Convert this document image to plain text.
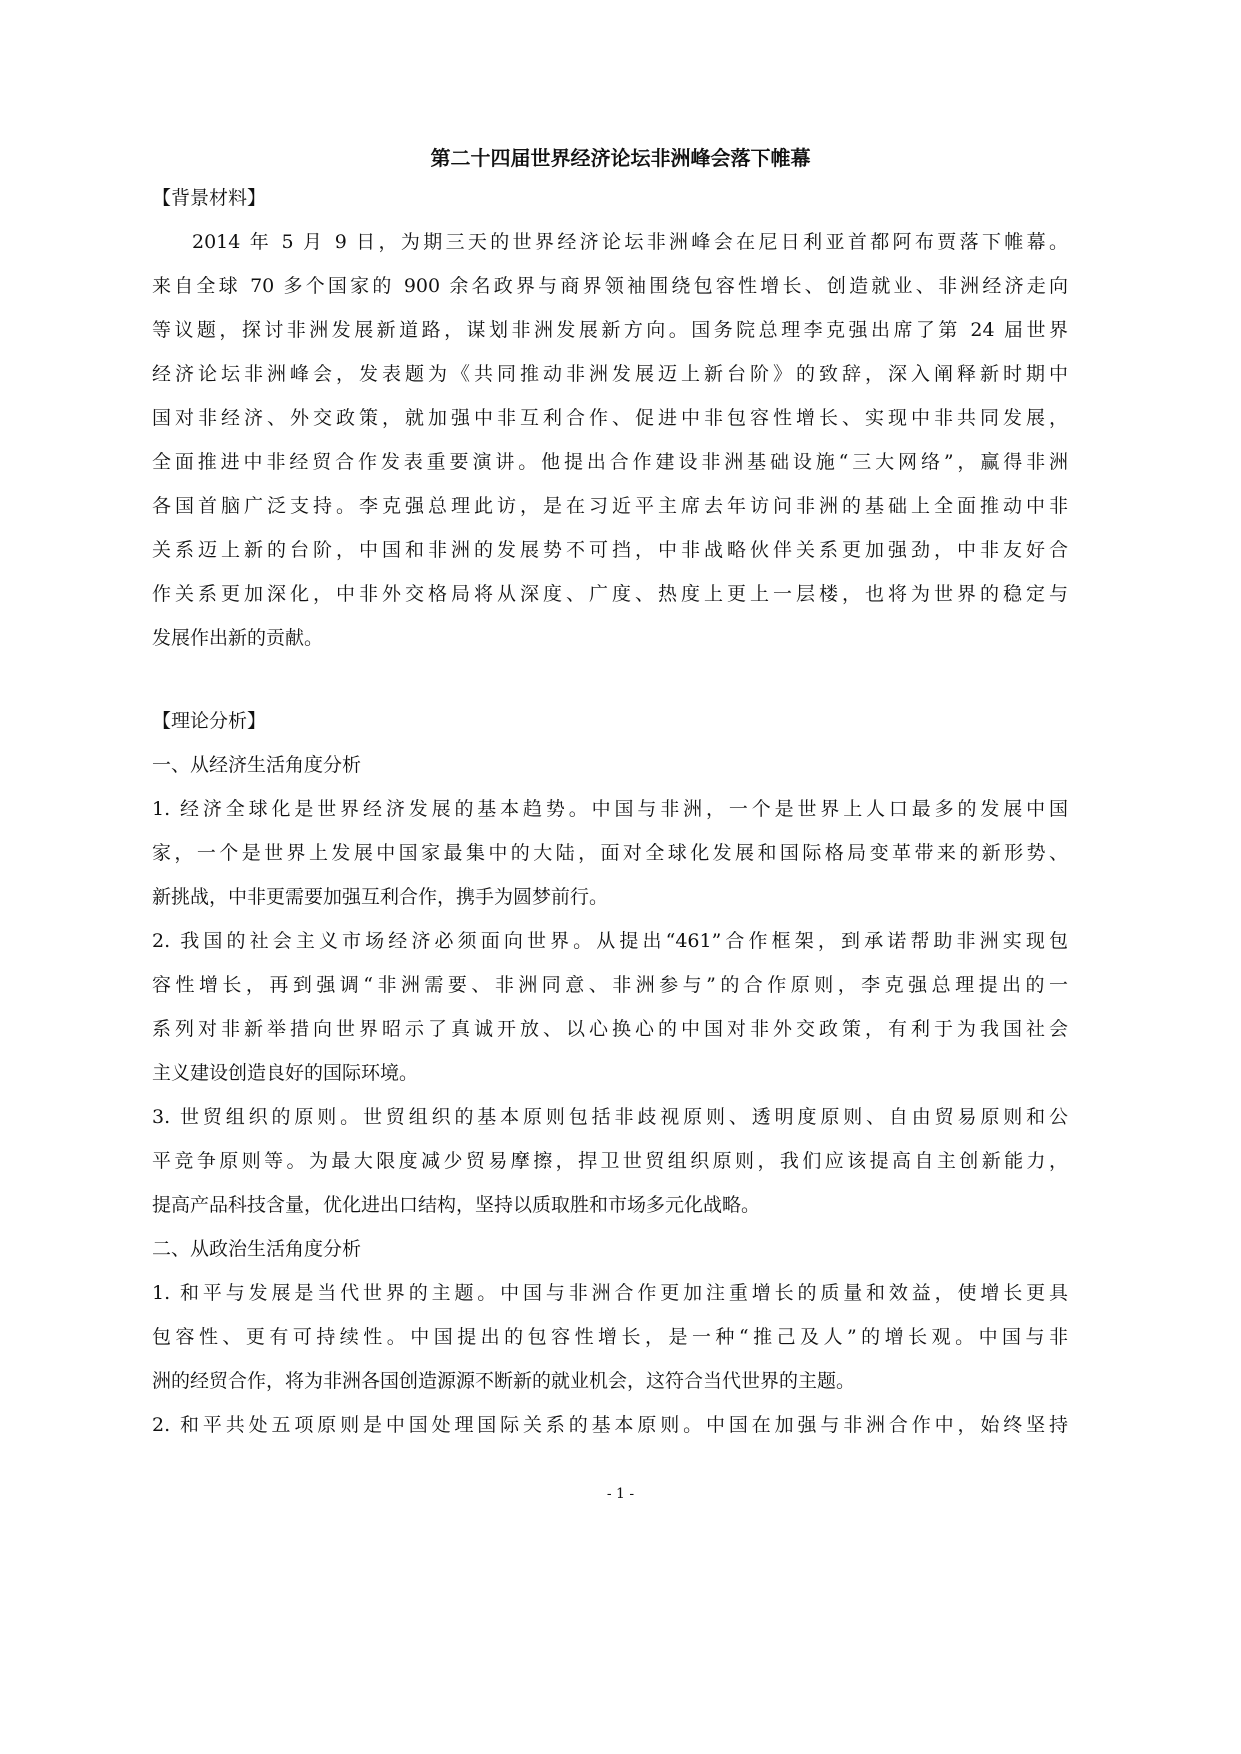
第二十四届世界经济论坛非洲峰会落下帷幕
【背景材料】
2014 年 5 月 9 日，为期三天的世界经济论坛非洲峰会在尼日利亚首都阿布贾落下帷幕。
来自全球 70 多个国家的 900 余名政界与商界领袖围绕包容性增长、创造就业、非洲经济走向
等议题，探讨非洲发展新道路，谋划非洲发展新方向。国务院总理李克强出席了第 24 届世界
经济论坛非洲峰会，发表题为《共同推动非洲发展迈上新台阶》的致辞，深入阐释新时期中
国对非经济、外交政策，就加强中非互利合作、促进中非包容性增长、实现中非共同发展，
全面推进中非经贸合作发表重要演讲。他提出合作建设非洲基础设施“三大网络”，赢得非洲
各国首脑广泛支持。李克强总理此访，是在习近平主席去年访问非洲的基础上全面推动中非
关系迈上新的台阶，中国和非洲的发展势不可挡，中非战略伙伴关系更加强劲，中非友好合
作关系更加深化，中非外交格局将从深度、广度、热度上更上一层楼，也将为世界的稳定与
发展作出新的贡献。
【理论分析】
一、从经济生活角度分析
1. 经济全球化是世界经济发展的基本趋势。中国与非洲，一个是世界上人口最多的发展中国
家，一个是世界上发展中国家最集中的大陆，面对全球化发展和国际格局变革带来的新形势、
新挑战，中非更需要加强互利合作，携手为圆梦前行。
2. 我国的社会主义市场经济必须面向世界。从提出“461”合作框架，到承诺帮助非洲实现包
容性增长，再到强调“非洲需要、非洲同意、非洲参与”的合作原则，李克强总理提出的一
系列对非新举措向世界昭示了真诚开放、以心换心的中国对非外交政策，有利于为我国社会
主义建设创造良好的国际环境。
3. 世贸组织的原则。世贸组织的基本原则包括非歧视原则、透明度原则、自由贸易原则和公
平竞争原则等。为最大限度减少贸易摩擦，捍卫世贸组织原则，我们应该提高自主创新能力，
提高产品科技含量，优化进出口结构，坚持以质取胜和市场多元化战略。
二、从政治生活角度分析
1. 和平与发展是当代世界的主题。中国与非洲合作更加注重增长的质量和效益，使增长更具
包容性、更有可持续性。中国提出的包容性增长，是一种“推己及人”的增长观。中国与非
洲的经贸合作，将为非洲各国创造源源不断新的就业机会，这符合当代世界的主题。
2. 和平共处五项原则是中国处理国际关系的基本原则。中国在加强与非洲合作中，始终坚持
- 1 -
